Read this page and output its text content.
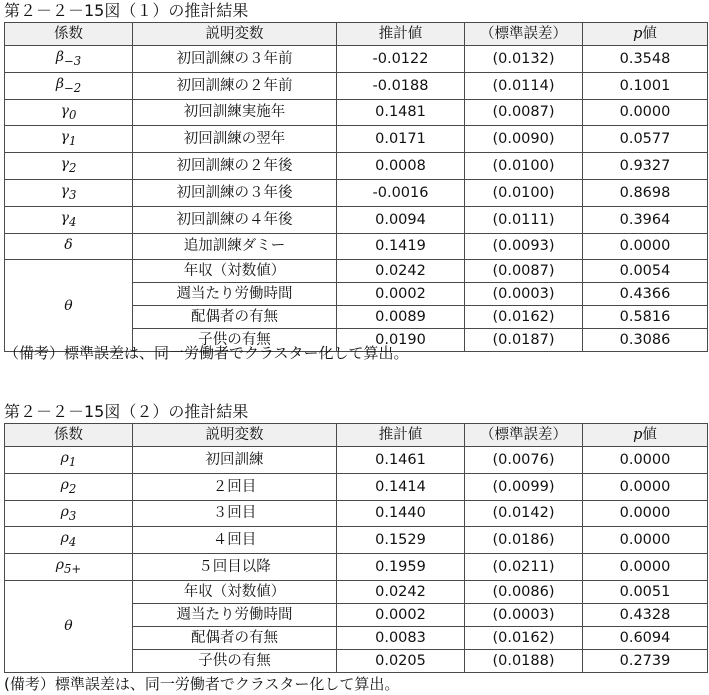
第２－２－15図（１）の推計結果
係数	説明変数	推計値	（標準誤差）	p値
$\beta_{-3}$	初回訓練の３年前	-0.0122	(0.0132)	0.3548
$\beta_{-2}$	初回訓練の２年前	-0.0188	(0.0114)	0.1001
$\gamma_0$	初回訓練実施年	0.1481	(0.0087)	0.0000
$\gamma_1$	初回訓練の翌年	0.0171	(0.0090)	0.0577
$\gamma_2$	初回訓練の２年後	0.0008	(0.0100)	0.9327
$\gamma_3$	初回訓練の３年後	-0.0016	(0.0100)	0.8698
$\gamma_4$	初回訓練の４年後	0.0094	(0.0111)	0.3964
δ	追加訓練ダミー	0.1419	(0.0093)	0.0000
θ	年収（対数値）	0.0242	(0.0087)	0.0054
	週当たり労働時間	0.0002	(0.0003)	0.4366
	配偶者の有無	0.0089	(0.0162)	0.5816
	子供の有無	0.0190	(0.0187)	0.3086
（備考）標準誤差は、同一労働者でクラスター化して算出。
第２－２－15図（２）の推計結果
係数	説明変数	推計値	（標準誤差）	p値
$\rho_1$	初回訓練	0.1461	(0.0076)	0.0000
$\rho_2$	２回目	0.1414	(0.0099)	0.0000
$\rho_3$	３回目	0.1440	(0.0142)	0.0000
$\rho_4$	４回目	0.1529	(0.0186)	0.0000
$\rho_{5+}$	５回目以降	0.1959	(0.0211)	0.0000
θ	年収（対数値）	0.0242	(0.0086)	0.0051
	週当たり労働時間	0.0002	(0.0003)	0.4328
	配偶者の有無	0.0083	(0.0162)	0.6094
	子供の有無	0.0205	(0.0188)	0.2739
(備考）標準誤差は、同一労働者でクラスター化して算出。
